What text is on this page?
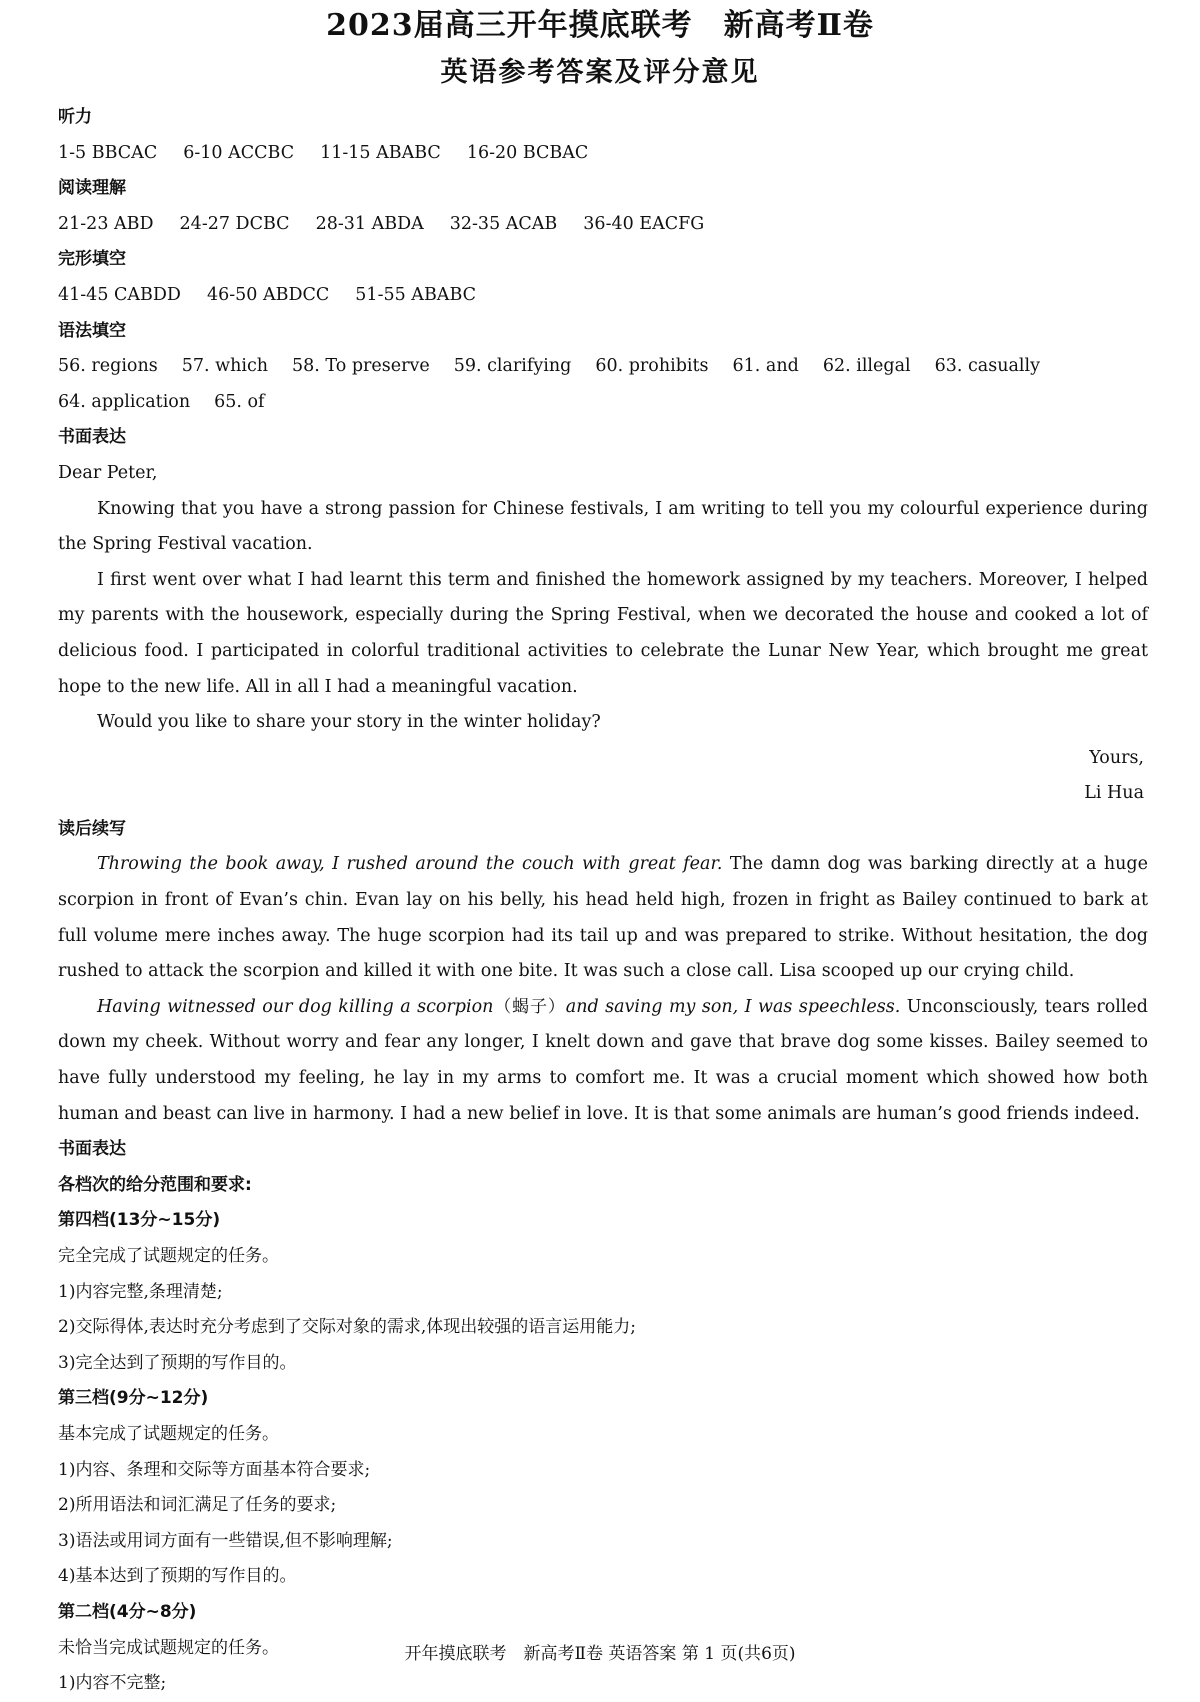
2023届高三开年摸底联考　新高考Ⅱ卷
英语参考答案及评分意见
听力
1-5 BBCAC 6-10 ACCBC 11-15 ABABC 16-20 BCBAC
阅读理解
21-23 ABD 24-27 DCBC 28-31 ABDA 32-35 ACAB 36-40 EACFG
完形填空
41-45 CABDD 46-50 ABDCC 51-55 ABABC
语法填空
56. regions 57. which 58. To preserve 59. clarifying 60. prohibits 61. and 62. illegal 63. casually64. application 65. of
书面表达
Dear Peter,

Knowing that you have a strong passion for Chinese festivals, I am writing to tell you my colourful experience during the Spring Festival vacation.

I first went over what I had learnt this term and finished the homework assigned by my teachers. Moreover, I helped my parents with the housework, especially during the Spring Festival, when we decorated the house and cooked a lot of delicious food. I participated in colorful traditional activities to celebrate the Lunar New Year, which brought me great hope to the new life. All in all I had a meaningful vacation.

Would you like to share your story in the winter holiday?

Yours,
Li Hua
读后续写

Throwing the book away, I rushed around the couch with great fear. The damn dog was barking directly at a huge scorpion in front of Evan’s chin. Evan lay on his belly, his head held high, frozen in fright as Bailey continued to bark at full volume mere inches away. The huge scorpion had its tail up and was prepared to strike. Without hesitation, the dog rushed to attack the scorpion and killed it with one bite. It was such a close call. Lisa scooped up our crying child.

Having witnessed our dog killing a scorpion（蝎子）and saving my son, I was speechless. Unconsciously, tears rolled down my cheek. Without worry and fear any longer, I knelt down and gave that brave dog some kisses. Bailey seemed to have fully understood my feeling, he lay in my arms to comfort me. It was a crucial moment which showed how both human and beast can live in harmony. I had a new belief in love. It is that some animals are human’s good friends indeed.

书面表达
各档次的给分范围和要求:
第四档(13分~15分)
完全完成了试题规定的任务。
1)内容完整,条理清楚;
2)交际得体,表达时充分考虑到了交际对象的需求,体现出较强的语言运用能力;
3)完全达到了预期的写作目的。
第三档(9分~12分)
基本完成了试题规定的任务。
1)内容、条理和交际等方面基本符合要求;
2)所用语法和词汇满足了任务的要求;
3)语法或用词方面有一些错误,但不影响理解;
4)基本达到了预期的写作目的。
第二档(4分~8分)
未恰当完成试题规定的任务。
1)内容不完整;
开年摸底联考　新高考Ⅱ卷 英语答案 第 1 页(共6页)
